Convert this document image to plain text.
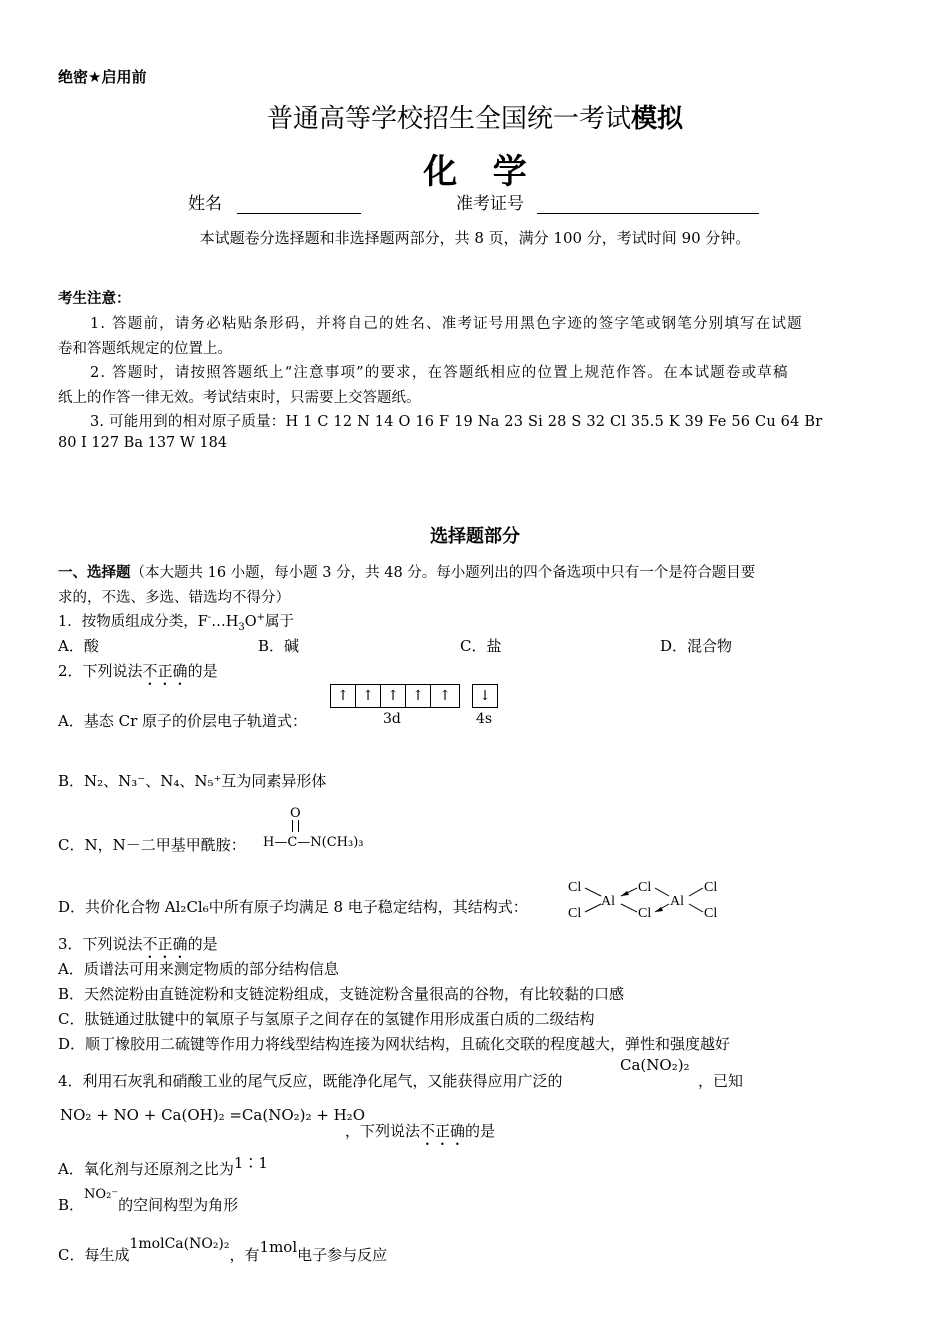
绝密★启用前
普通高等学校招生全国统一考试模拟
化   学
姓名	准考证号
本试题卷分选择题和非选择题两部分，共 8 页，满分 100 分，考试时间 90 分钟。
考生注意：
1. 答题前，请务必粘贴条形码，并将自己的姓名、准考证号用黑色字迹的签字笔或钢笔分别填写在试题
卷和答题纸规定的位置上。
2. 答题时，请按照答题纸上“注意事项”的要求，在答题纸相应的位置上规范作答。在本试题卷或草稿
纸上的作答一律无效。考试结束时，只需要上交答题纸。
3. 可能用到的相对原子质量：H 1 C 12 N 14 O 16 F 19 Na 23 Si 28 S 32 Cl 35.5 K 39 Fe 56 Cu 64 Br
80 I 127 Ba 137 W 184
选择题部分
一、选择题（本大题共 16 小题，每小题 3 分，共 48 分。每小题列出的四个备选项中只有一个是符合题目要
求的，不选、多选、错选均不得分）
1．按物质组成分类，$F^-\dots H_3O^+$属于
A．酸	B．碱	C．盐	D．混合物
2．下列说法不正确的是
A．基态 Cr 原子的价层电子轨道式：
↑ ↑ ↑ ↑	↑	↓
3d	4s
B．N₂、N₃⁻、N₄、N₅⁺互为同素异形体
C．N，N－二甲基甲酰胺：
O
H—C—N(CH₃)₃
D．共价化合物 Al₂Cl₆中所有原子均满足 8 电子稳定结构，其结构式：
Cl
Cl
Al
Cl
Cl
Al
Cl
Cl
3．下列说法不正确的是
A．质谱法可用来测定物质的部分结构信息
B．天然淀粉由直链淀粉和支链淀粉组成，支链淀粉含量很高的谷物，有比较黏的口感
C．肽链通过肽键中的氧原子与氢原子之间存在的氢键作用形成蛋白质的二级结构
D．顺丁橡胶用二硫键等作用力将线型结构连接为网状结构，且硫化交联的程度越大，弹性和强度越好
4．利用石灰乳和硝酸工业的尾气反应，既能净化尾气，又能获得应用广泛的
Ca(NO₂)₂
，已知
NO₂ + NO + Ca(OH)₂ =Ca(NO₂)₂ + H₂O
，下列说法不正确的是
A．氧化剂与还原剂之比为1∶1
B．NO₂⁻的空间构型为角形
C．每生成1molCa(NO₂)₂，有1mol电子参与反应
